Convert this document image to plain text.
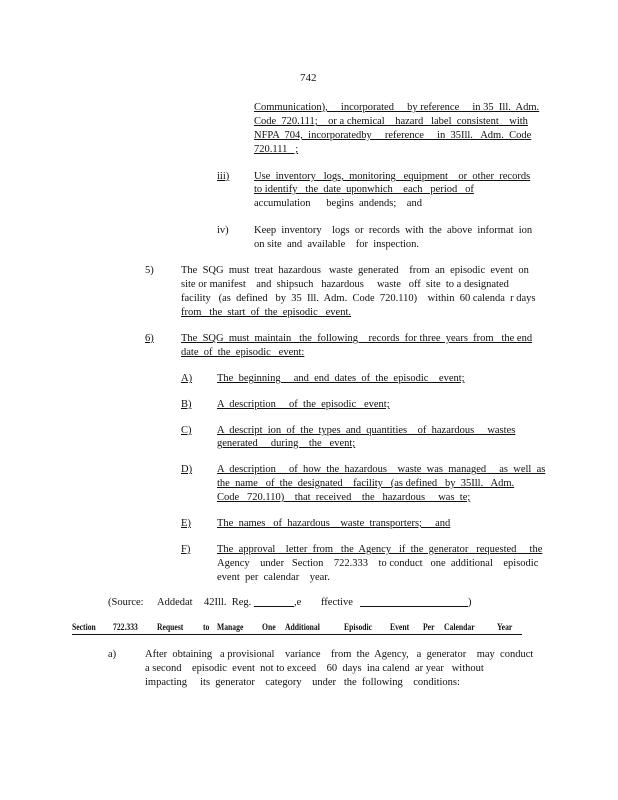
742
Communication),     incorporated     by reference     in 35  Ill.  Adm.
Code  720.111;    or a chemical    hazard   label  consistent    with
NFPA  704,  incorporatedby     reference     in  35Ill.   Adm.  Code
720.111   ;
iii) Use  inventory   logs,  monitoring   equipment    or  other  records
to identify   the  date  uponwhich    each   period   of
accumulation      begins  andends;    and
iv) Keep  inventory    logs  or  records  with  the  above  informat  ion
on site  and  available    for  inspection.
5)	The  SQG  must  treat  hazardous   waste  generated    from  an  episodic  event  on
site or manifest    and  shipsuch   hazardous     waste   off  site  to a designated
facility   (as  defined   by  35  Ill.  Adm.  Code  720.110)    within  60 calenda  r days
from   the  start  of  the  episodic   event.
6)	The  SQG  must  maintain   the  following    records  for three  years  from   the end
date  of  the  episodic   event:
A) The  beginning     and  end  dates  of  the  episodic    event;
B) A  description     of  the  episodic   event;
C) A  descript  ion  of  the  types  and  quantities    of  hazardous     wastes
generated     during    the   event;
D) A  description     of  how  the  hazardous    waste  was  managed     as  well  as
the  name   of  the  designated    facility   (as defined   by  35Ill.   Adm.
Code   720.110)    that  received    the   hazardous     was  te;
E) The  names   of  hazardous    waste  transporters;     and
F)	The  approval    letter  from   the  Agency   if  the  generator   requested     the
Agency    under   Section    722.333    to conduct   one  additional    episodic
event  per  calendar    year.
(Source: Addedat 42Ill.  Reg.	,e ffective	)
Section 722.333 Request to Manage One Additional	Episodic Event Per Calendar Year
a)	After  obtaining   a provisional    variance    from  the  Agency,   a  generator    may  conduct
a second    episodic  event  not to exceed    60  days  ina calend  ar year   without
impacting     its  generator    category    under   the  following    conditions:
